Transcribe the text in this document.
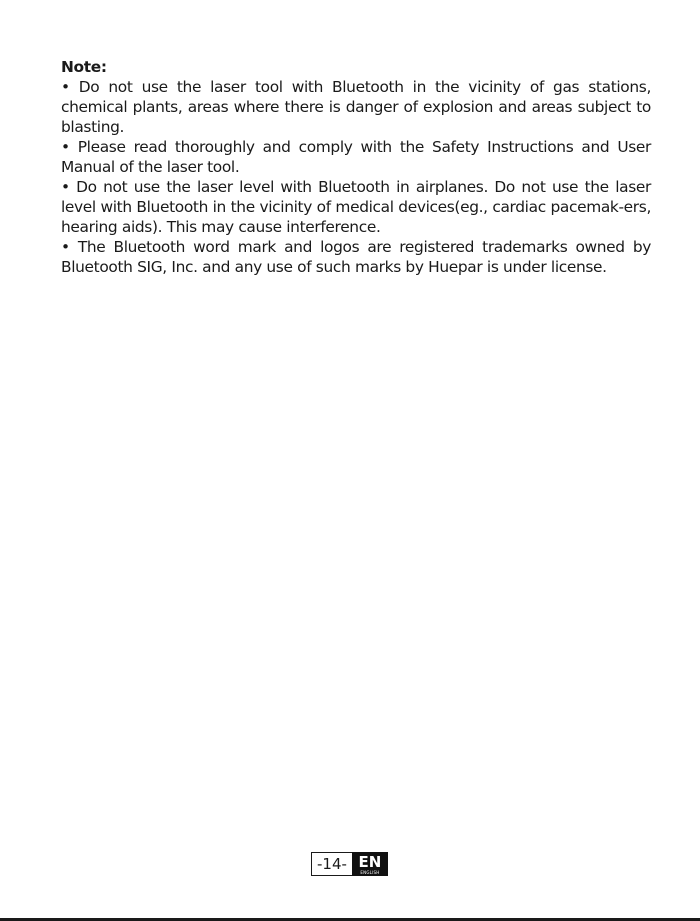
Note:

• Do not use the laser tool with Bluetooth in the vicinity of gas stations, chemical plants, areas where there is danger of explosion and areas subject to blasting.

• Please read thoroughly and comply with the Safety Instructions and User Manual of the laser tool.

• Do not use the laser level with Bluetooth in airplanes. Do not use the laser level with Bluetooth in the vicinity of medical devices(eg., cardiac pacemak-ers, hearing aids). This may cause interference.

• The Bluetooth word mark and logos are registered trademarks owned by Bluetooth SIG, Inc. and any use of such marks by Huepar is under license.

-14- EN
ENGLISH
